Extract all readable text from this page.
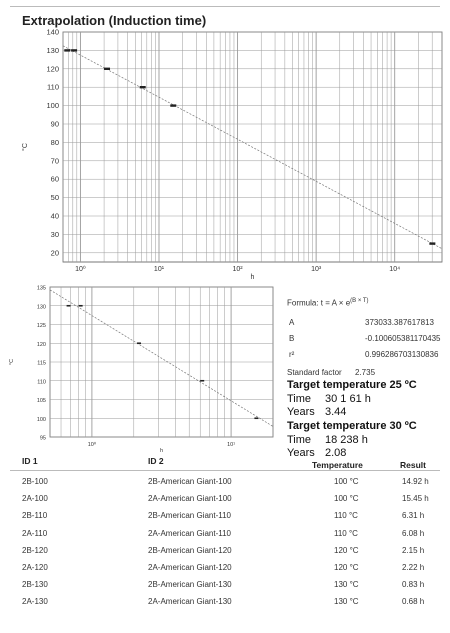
Extrapolation (Induction time)
20
30
40
50
60
70
80
90
100
110
120
130
140
10⁰	10¹	10²	10³	10⁴
h
°C
95
100
105
110
115
120
125
130
135
10⁰	10¹
h
°C
Formula: $t = A \times e^{(B \times T)}$
A	373033.387617813
B	-0.100605381170435
r²	0.996286703130836
Standard factor 2.735
Target temperature 25 ºC
Time 30 1 61 h
Years 3.44
Target temperature 30 ºC
Time 18 238 h
Years 2.08
ID 1	ID 2	Temperature	Result
2B-100	2B-American Giant-100	100 °C	14.92 h
2A-100	2A-American Giant-100	100 °C	15.45 h
2B-110	2B-American Giant-110	110 °C	6.31 h
2A-110	2A-American Giant-110	110 °C	6.08 h
2B-120	2B-American Giant-120	120 °C	2.15 h
2A-120	2A-American Giant-120	120 °C	2.22 h
2B-130	2B-American Giant-130	130 °C	0.83 h
2A-130	2A-American Giant-130	130 °C	0.68 h
